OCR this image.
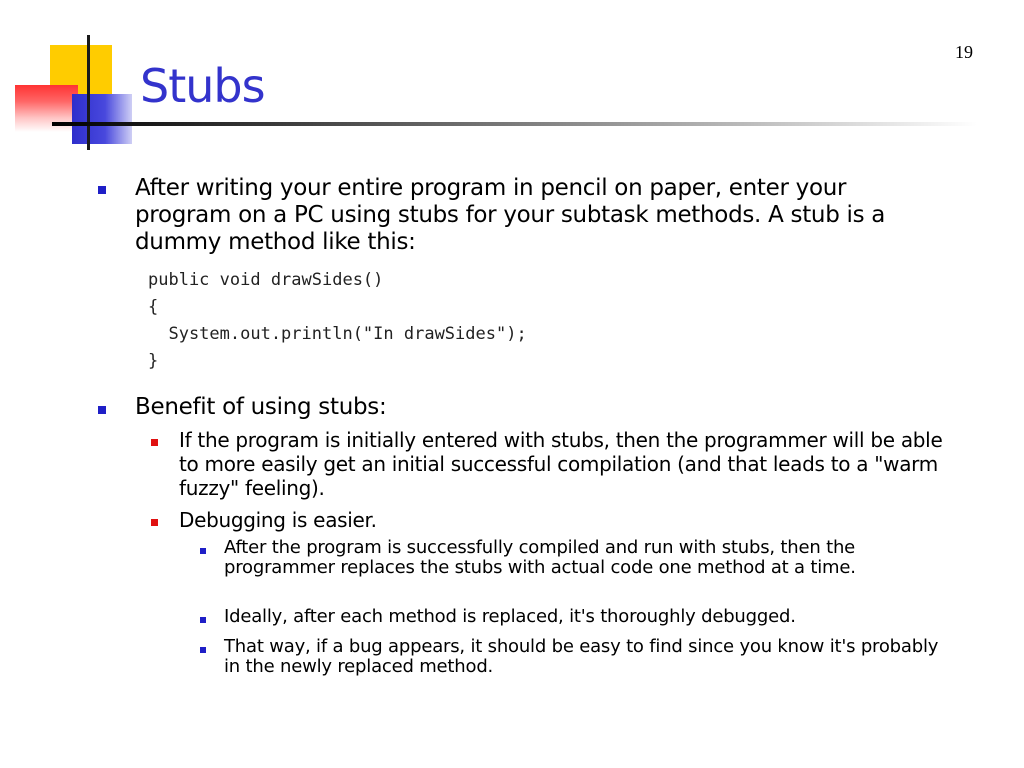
Stubs
19

After writing your entire program in pencil on paper, enter your program on a PC using stubs for your subtask methods. A stub is a dummy method like this:

public void drawSides()
{
System.out.println("In drawSides");
}

Benefit of using stubs:

If the program is initially entered with stubs, then the programmer will be able to more easily get an initial successful compilation (and that leads to a "warm fuzzy" feeling).

Debugging is easier.

After the program is successfully compiled and run with stubs, then the programmer replaces the stubs with actual code one method at a time.

Ideally, after each method is replaced, it's thoroughly debugged.

That way, if a bug appears, it should be easy to find since you know it's probably in the newly replaced method.
